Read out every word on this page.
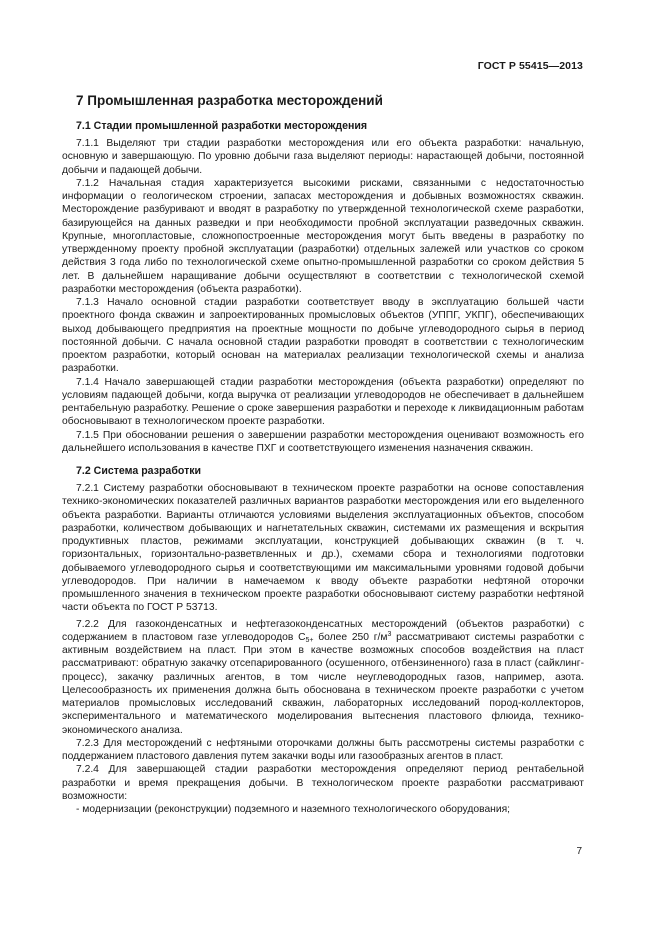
ГОСТ Р 55415—2013
7 Промышленная разработка месторождений
7.1 Стадии промышленной разработки месторождения

7.1.1 Выделяют три стадии разработки месторождения или его объекта разработки: начальную, основную и завершающую. По уровню добычи газа выделяют периоды: нарастающей добычи, постоянной добычи и падающей добычи.

7.1.2 Начальная стадия характеризуется высокими рисками, связанными с недостаточностью информации о геологическом строении, запасах месторождения и добывных возможностях скважин. Месторождение разбуривают и вводят в разработку по утвержденной технологической схеме разработки, базирующейся на данных разведки и при необходимости пробной эксплуатации разведочных скважин. Крупные, многопластовые, сложнопостроенные месторождения могут быть введены в разработку по утвержденному проекту пробной эксплуатации (разработки) отдельных залежей или участков со сроком действия 3 года либо по технологической схеме опытно-промышленной разработки со сроком действия 5 лет. В дальнейшем наращивание добычи осуществляют в соответствии с технологической схемой разработки месторождения (объекта разработки).

7.1.3 Начало основной стадии разработки соответствует вводу в эксплуатацию большей части проектного фонда скважин и запроектированных промысловых объектов (УППГ, УКПГ), обеспечивающих выход добывающего предприятия на проектные мощности по добыче углеводородного сырья в период постоянной добычи. С начала основной стадии разработки проводят в соответствии с технологическим проектом разработки, который основан на материалах реализации технологической схемы и анализа разработки.

7.1.4 Начало завершающей стадии разработки месторождения (объекта разработки) определяют по условиям падающей добычи, когда выручка от реализации углеводородов не обеспечивает в дальнейшем рентабельную разработку. Решение о сроке завершения разработки и переходе к ликвидационным работам обосновывают в технологическом проекте разработки.

7.1.5 При обосновании решения о завершении разработки месторождения оценивают возможность его дальнейшего использования в качестве ПХГ и соответствующего изменения назначения скважин.

7.2 Система разработки

7.2.1 Систему разработки обосновывают в техническом проекте разработки на основе сопоставления технико-экономических показателей различных вариантов разработки месторождения или его выделенного объекта разработки. Варианты отличаются условиями выделения эксплуатационных объектов, способом разработки, количеством добывающих и нагнетательных скважин, системами их размещения и вскрытия продуктивных пластов, режимами эксплуатации, конструкцией добывающих скважин (в т. ч. горизонтальных, горизонтально-разветвленных и др.), схемами сбора и технологиями подготовки добываемого углеводородного сырья и соответствующими им максимальными уровнями годовой добычи углеводородов. При наличии в намечаемом к вводу объекте разработки нефтяной оторочки промышленного значения в техническом проекте разработки обосновывают систему разработки нефтяной части объекта по ГОСТ Р 53713.

7.2.2 Для газоконденсатных и нефтегазоконденсатных месторождений (объектов разработки) с содержанием в пластовом газе углеводородов $С_{5+}$ более 250 $г/м^3$ рассматривают системы разработки с активным воздействием на пласт. При этом в качестве возможных способов воздействия на пласт рассматривают: обратную закачку отсепарированного (осушенного, отбензиненного) газа в пласт (сайклинг-процесс), закачку различных агентов, в том числе неуглеводородных газов, например, азота. Целесообразность их применения должна быть обоснована в техническом проекте разработки с учетом материалов промысловых исследований скважин, лабораторных исследований пород-коллекторов, экспериментального и математического моделирования вытеснения пластового флюида, технико-экономического анализа.

7.2.3 Для месторождений с нефтяными оторочками должны быть рассмотрены системы разработки с поддержанием пластового давления путем закачки воды или газообразных агентов в пласт.

7.2.4 Для завершающей стадии разработки месторождения определяют период рентабельной разработки и время прекращения добычи. В технологическом проекте разработки рассматривают возможности:

- модернизации (реконструкции) подземного и наземного технологического оборудования;
7
